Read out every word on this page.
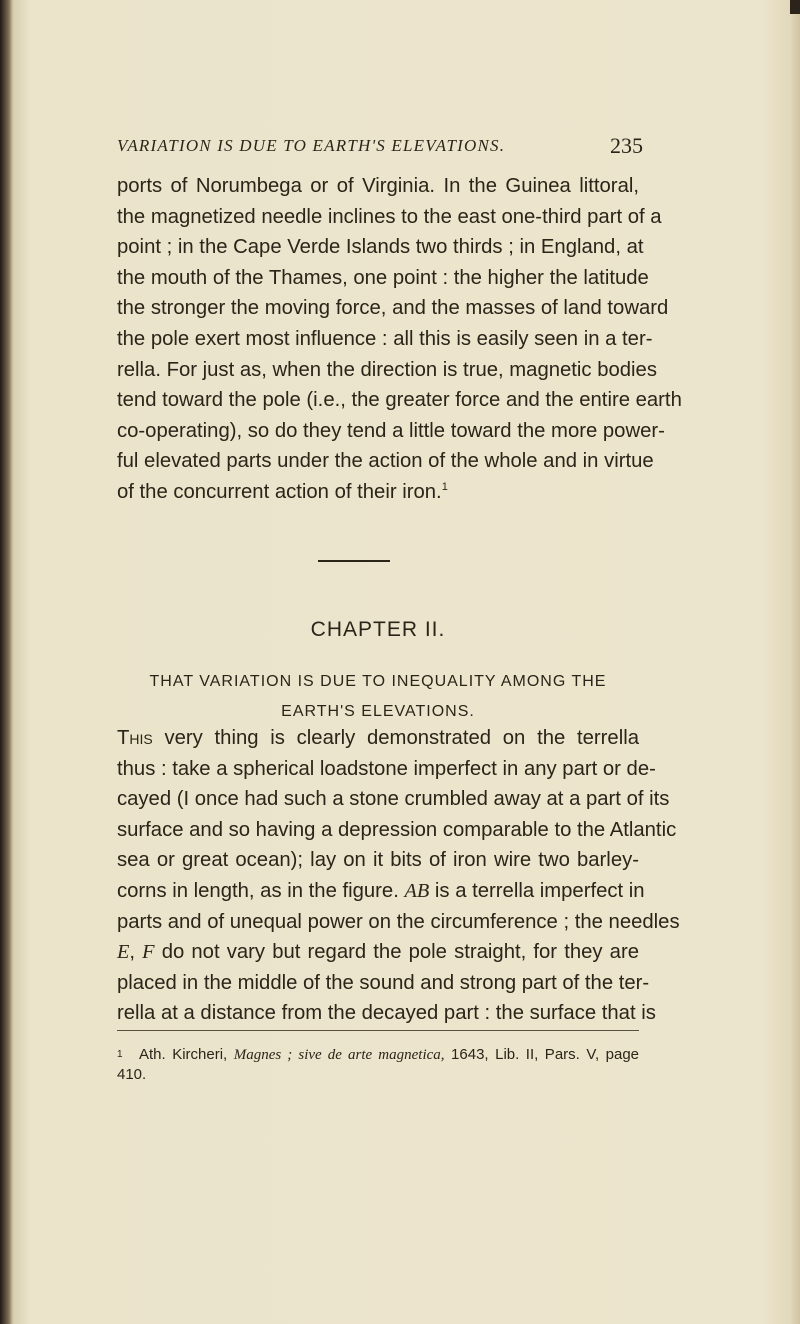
VARIATION IS DUE TO EARTH'S ELEVATIONS.	235
ports of Norumbega or of Virginia. In the Guinea littoral,
the magnetized needle inclines to the east one-third part of a
point ; in the Cape Verde Islands two thirds ; in England, at
the mouth of the Thames, one point : the higher the latitude
the stronger the moving force, and the masses of land toward
the pole exert most influence : all this is easily seen in a ter-
rella. For just as, when the direction is true, magnetic bodies
tend toward the pole (i.e., the greater force and the entire earth
co-operating), so do they tend a little toward the more power-
ful elevated parts under the action of the whole and in virtue
of the concurrent action of their iron.$^1$
CHAPTER II.
THAT VARIATION IS DUE TO INEQUALITY AMONG THE
EARTH'S ELEVATIONS.
This very thing is clearly demonstrated on the terrella
thus : take a spherical loadstone imperfect in any part or de-
cayed (I once had such a stone crumbled away at a part of its
surface and so having a depression comparable to the Atlantic
sea or great ocean); lay on it bits of iron wire two barley-
corns in length, as in the figure. AB is a terrella imperfect in
parts and of unequal power on the circumference ; the needles
E, F do not vary but regard the pole straight, for they are
placed in the middle of the sound and strong part of the ter-
rella at a distance from the decayed part : the surface that is
1 Ath. Kircheri, Magnes ; sive de arte magnetica, 1643, Lib. II, Pars. V, page
410.
